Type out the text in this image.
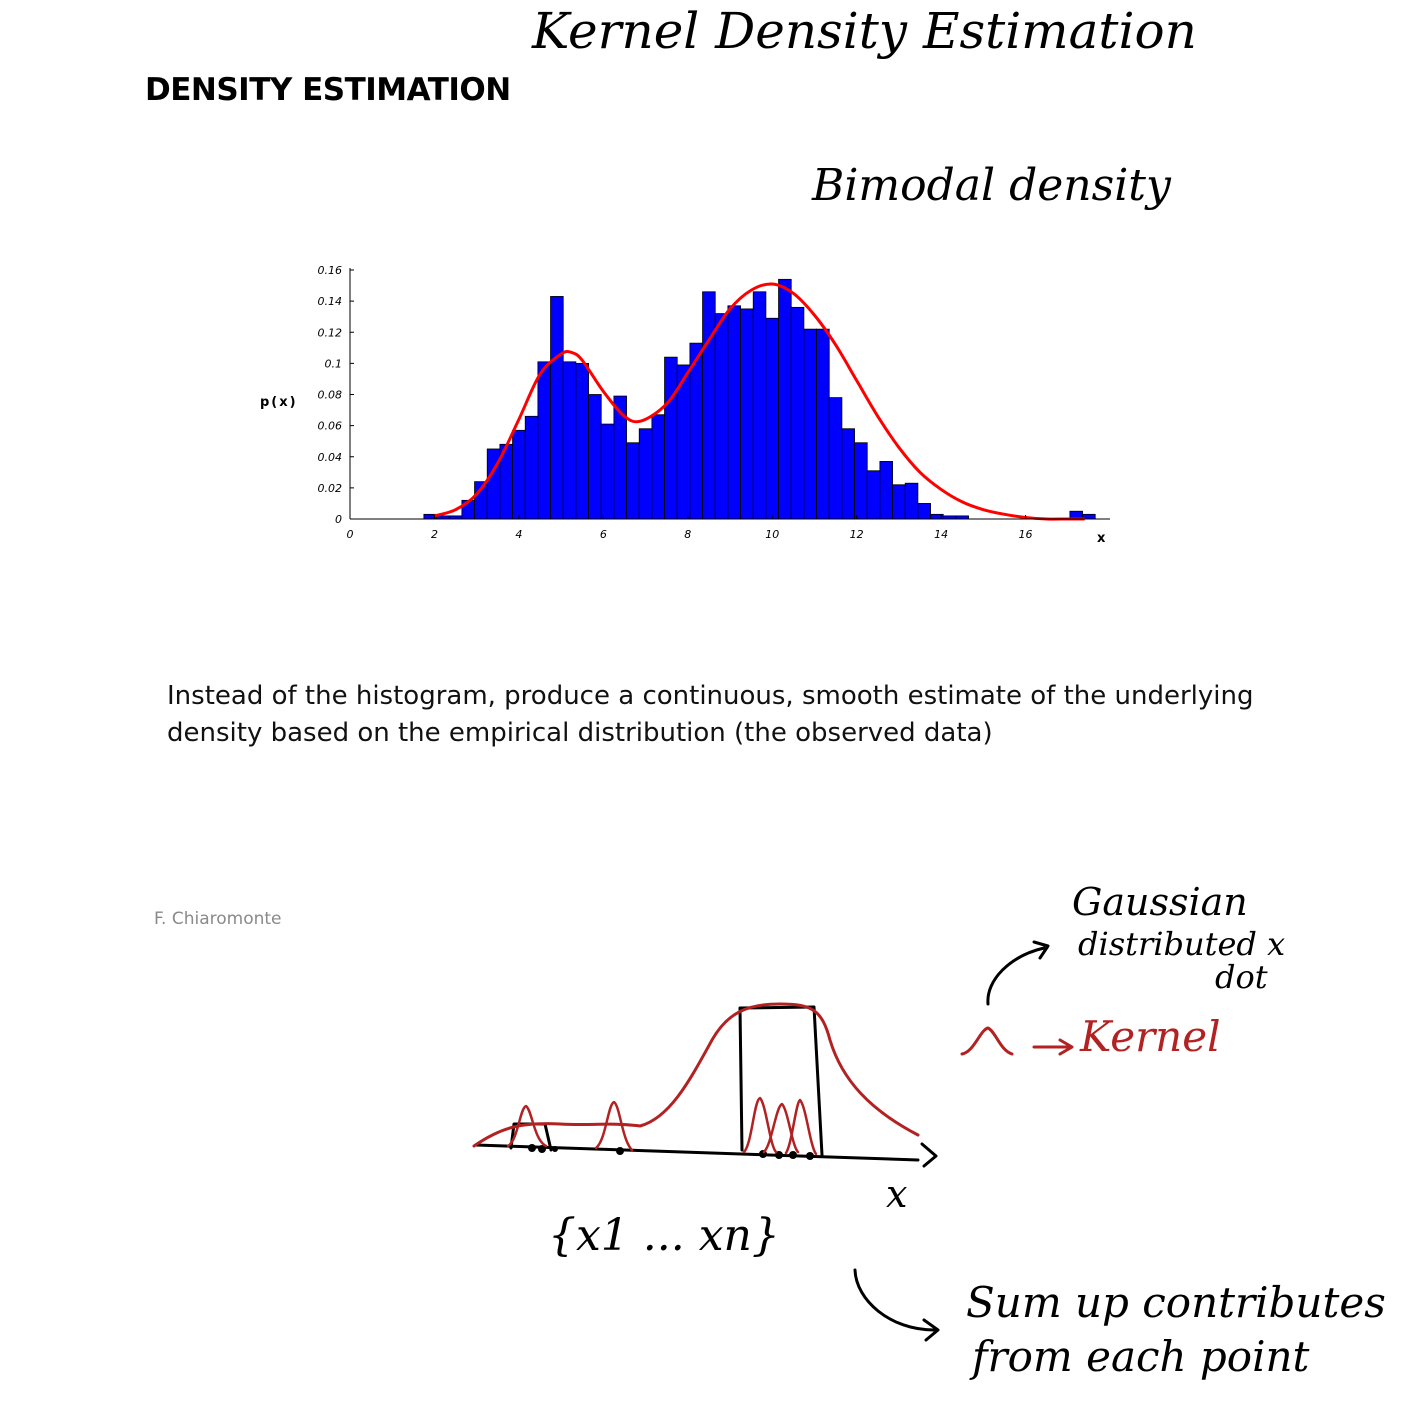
DENSITY ESTIMATION
Instead of the histogram, produce a continuous, smooth estimate of the underlying density based on the empirical distribution (the observed data)
F. Chiaromonte
Kernel Density Estimation
Bimodal density
Gaussian
distributed x
dot
Kernel
x
{x1 ... xn}
Sum up contributes
from each point
0
0.02
0.04
0.06
0.08
0.1
0.12
0.14
0.16
0	2	4	6	8	10	12	14	16
p(x)
x
